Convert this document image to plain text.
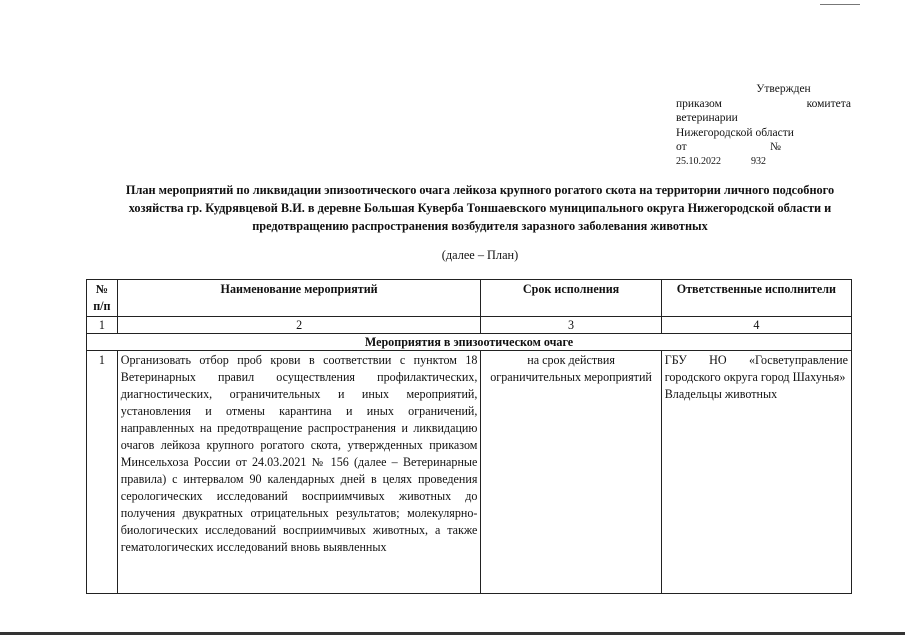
Утвержден
приказом	комитета
ветеринарии
Нижегородской области
от	№
25.10.2022	932
План мероприятий по ликвидации эпизоотического очага лейкоза крупного рогатого скота на территории личного подсобного хозяйства гр. Кудрявцевой В.И. в деревне Большая Куверба Тоншаевского муниципального округа Нижегородской области и предотвращению распространения возбудителя заразного заболевания животных
(далее – План)
№ п/п	Наименование мероприятий	Срок исполнения	Ответственные исполнители
1	2	3	4
Мероприятия в эпизоотическом очаге			
1	Организовать отбор проб крови в соответствии с пунктом 18 Ветеринарных правил осуществления профилактических, диагностических, ограничительных и иных мероприятий, установления и отмены карантина и иных ограничений, направленных на предотвращение распространения и ликвидацию очагов лейкоза крупного рогатого скота, утвержденных приказом Минсельхоза России от 24.03.2021 № 156 (далее – Ветеринарные правила) с интервалом 90 календарных дней в целях проведения серологических исследований восприимчивых животных до получения двукратных отрицательных результатов; молекулярно-биологических исследований восприимчивых животных, а также гематологических исследований вновь выявленных	на срок действия ограничительных мероприятий	ГБУ НО «Госветуправление городского округа город Шахунья»
Владельцы животных
